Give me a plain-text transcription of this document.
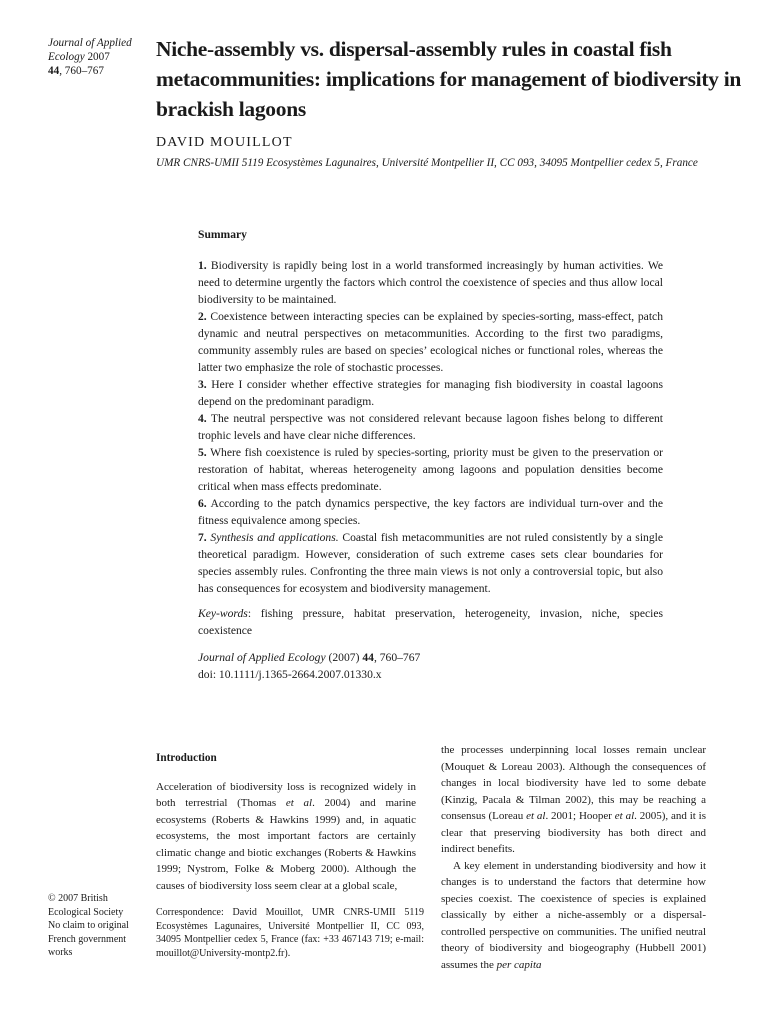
Journal of Applied
Ecology 2007
44, 760–767
Niche-assembly vs. dispersal-assembly rules in coastal fish metacommunities: implications for management of biodiversity in brackish lagoons
DAVID MOUILLOT
UMR CNRS-UMII 5119 Ecosystèmes Lagunaires, Université Montpellier II, CC 093, 34095 Montpellier cedex 5, France
Summary

1. Biodiversity is rapidly being lost in a world transformed increasingly by human activities. We need to determine urgently the factors which control the coexistence of species and thus allow local biodiversity to be maintained.

2. Coexistence between interacting species can be explained by species-sorting, mass-effect, patch dynamic and neutral perspectives on metacommunities. According to the first two paradigms, community assembly rules are based on species’ ecological niches or functional roles, whereas the latter two emphasize the role of stochastic processes.

3. Here I consider whether effective strategies for managing fish biodiversity in coastal lagoons depend on the predominant paradigm.

4. The neutral perspective was not considered relevant because lagoon fishes belong to different trophic levels and have clear niche differences.

5. Where fish coexistence is ruled by species-sorting, priority must be given to the preservation or restoration of habitat, whereas heterogeneity among lagoons and population densities become critical when mass effects predominate.

6. According to the patch dynamics perspective, the key factors are individual turn-over and the fitness equivalence among species.

7. Synthesis and applications. Coastal fish metacommunities are not ruled consistently by a single theoretical paradigm. However, consideration of such extreme cases sets clear boundaries for species assembly rules. Confronting the three main views is not only a controversial topic, but also has consequences for ecosystem and biodiversity management.

Key-words: fishing pressure, habitat preservation, heterogeneity, invasion, niche, species coexistence

Journal of Applied Ecology (2007) 44, 760–767
doi: 10.1111/j.1365-2664.2007.01330.x

Introduction

Acceleration of biodiversity loss is recognized widely in both terrestrial (Thomas et al. 2004) and marine ecosystems (Roberts & Hawkins 1999) and, in aquatic ecosystems, the most important factors are certainly climatic change and biotic exchanges (Roberts & Hawkins 1999; Nystrom, Folke & Moberg 2000). Although the causes of biodiversity loss seem clear at a global scale,

Correspondence: David Mouillot, UMR CNRS-UMII 5119 Ecosystèmes Lagunaires, Université Montpellier II, CC 093, 34095 Montpellier cedex 5, France (fax: +33 467143 719; e-mail: mouillot@University-montp2.fr).
© 2007 British
Ecological Society
No claim to original
French government
works

the processes underpinning local losses remain unclear (Mouquet & Loreau 2003). Although the consequences of changes in local biodiversity have led to some debate (Kinzig, Pacala & Tilman 2002), this may be reaching a consensus (Loreau et al. 2001; Hooper et al. 2005), and it is clear that preserving biodiversity has both direct and indirect benefits.

A key element in understanding biodiversity and how it changes is to understand the factors that determine how species coexist. The coexistence of species is explained classically by either a niche-assembly or a dispersal-controlled perspective on communities. The unified neutral theory of biodiversity and biogeography (Hubbell 2001) assumes the per capita
